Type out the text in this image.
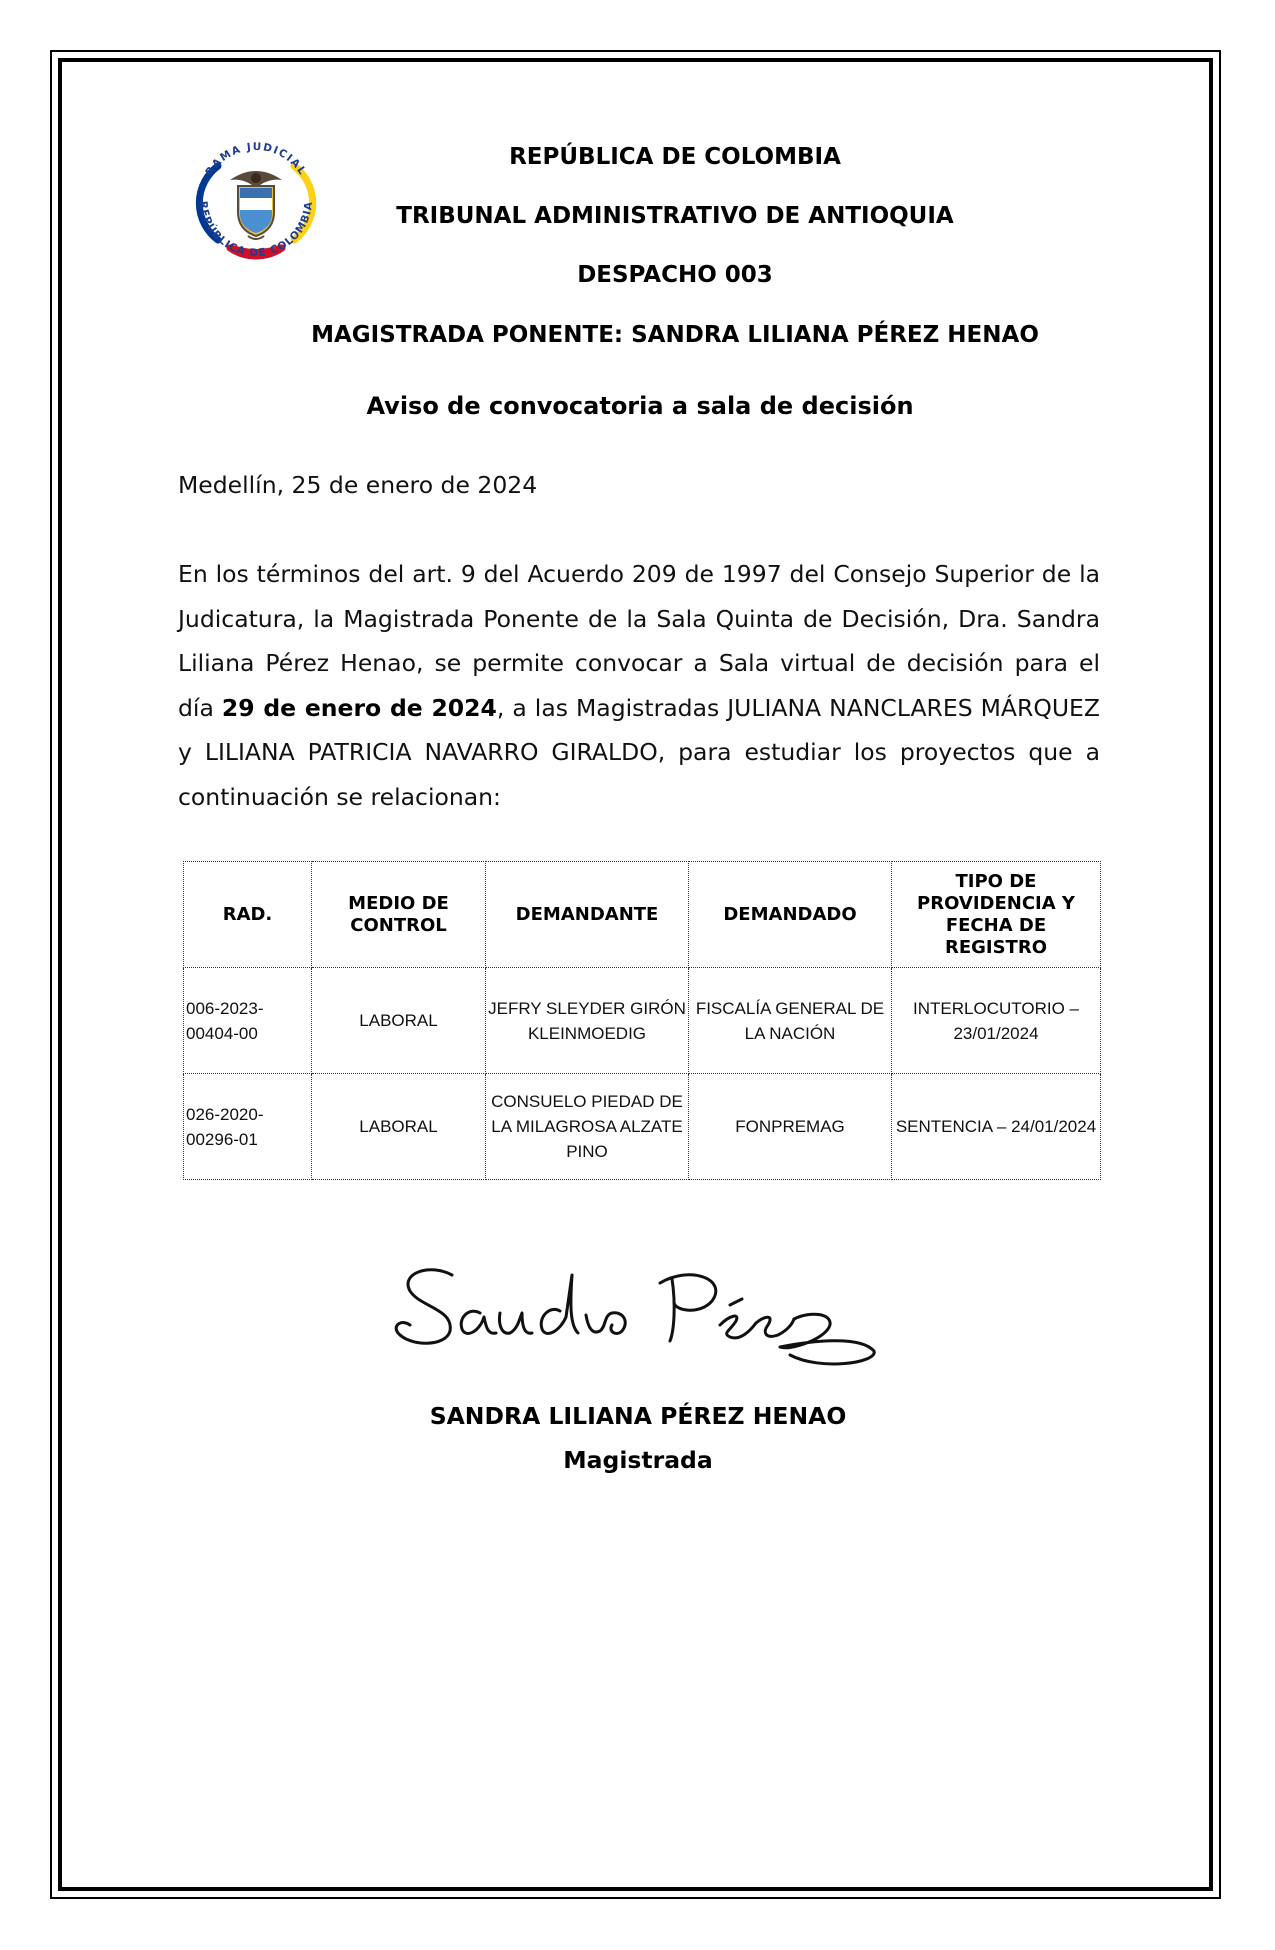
RAMA JUDICIAL
REPÚBLICA DE COLOMBIA
REPÚBLICA DE COLOMBIA
TRIBUNAL ADMINISTRATIVO DE ANTIOQUIA
DESPACHO 003
MAGISTRADA PONENTE: SANDRA LILIANA PÉREZ HENAO
Aviso de convocatoria a sala de decisión
Medellín, 25 de enero de 2024
En los términos del art. 9 del Acuerdo 209 de 1997 del Consejo Superior de la Judicatura, la Magistrada Ponente de la Sala Quinta de Decisión, Dra. Sandra Liliana Pérez Henao, se permite convocar a Sala virtual de decisión para el día 29 de enero de 2024, a las Magistradas JULIANA NANCLARES MÁRQUEZ y LILIANA PATRICIA NAVARRO GIRALDO, para estudiar los proyectos que a continuación se relacionan:
RAD.	MEDIO DE CONTROL	DEMANDANTE	DEMANDADO	TIPO DE PROVIDENCIA Y FECHA DE REGISTRO
006-2023-00404-00	LABORAL	JEFRY SLEYDER GIRÓN KLEINMOEDIG	FISCALÍA GENERAL DE LA NACIÓN	INTERLOCUTORIO – 23/01/2024
026-2020-00296-01	LABORAL	CONSUELO PIEDAD DE LA MILAGROSA ALZATE PINO	FONPREMAG	SENTENCIA – 24/01/2024
SANDRA LILIANA PÉREZ HENAO
Magistrada
